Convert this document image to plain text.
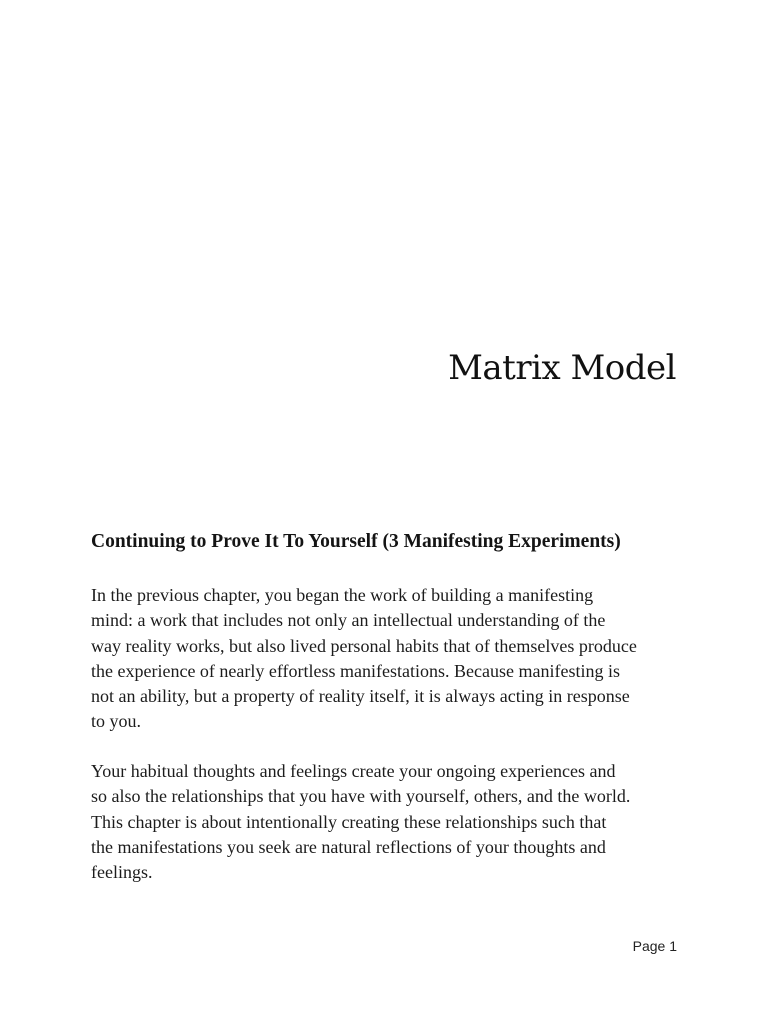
Matrix Model
Continuing to Prove It To Yourself (3 Manifesting Experiments)

In the previous chapter, you began the work of building a manifesting
mind: a work that includes not only an intellectual understanding of the
way reality works, but also lived personal habits that of themselves produce
the experience of nearly effortless manifestations. Because manifesting is
not an ability, but a property of reality itself, it is always acting in response
to you.

Your habitual thoughts and feelings create your ongoing experiences and
so also the relationships that you have with yourself, others, and the world.
This chapter is about intentionally creating these relationships such that
the manifestations you seek are natural reflections of your thoughts and
feelings.

Page 1
